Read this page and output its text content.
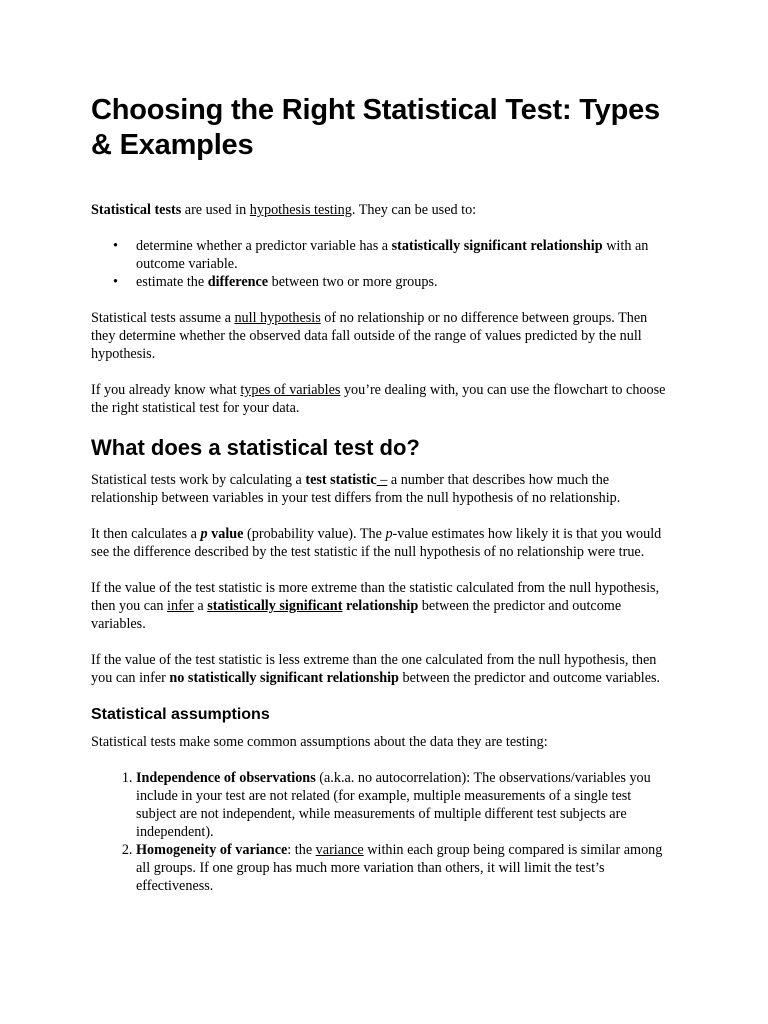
Choosing the Right Statistical Test: Types & Examples

Statistical tests are used in hypothesis testing. They can be used to:

• determine whether a predictor variable has a statistically significant relationship with an outcome variable.
• estimate the difference between two or more groups.

Statistical tests assume a null hypothesis of no relationship or no difference between groups. Then they determine whether the observed data fall outside of the range of values predicted by the null hypothesis.

If you already know what types of variables you’re dealing with, you can use the flowchart to choose the right statistical test for your data.

What does a statistical test do?

Statistical tests work by calculating a test statistic – a number that describes how much the relationship between variables in your test differs from the null hypothesis of no relationship.

It then calculates a p value (probability value). The p-value estimates how likely it is that you would see the difference described by the test statistic if the null hypothesis of no relationship were true.

If the value of the test statistic is more extreme than the statistic calculated from the null hypothesis, then you can infer a statistically significant relationship between the predictor and outcome variables.

If the value of the test statistic is less extreme than the one calculated from the null hypothesis, then you can infer no statistically significant relationship between the predictor and outcome variables.

Statistical assumptions

Statistical tests make some common assumptions about the data they are testing:

1. Independence of observations (a.k.a. no autocorrelation): The observations/variables you include in your test are not related (for example, multiple measurements of a single test subject are not independent, while measurements of multiple different test subjects are independent).
2. Homogeneity of variance: the variance within each group being compared is similar among all groups. If one group has much more variation than others, it will limit the test’s effectiveness.
